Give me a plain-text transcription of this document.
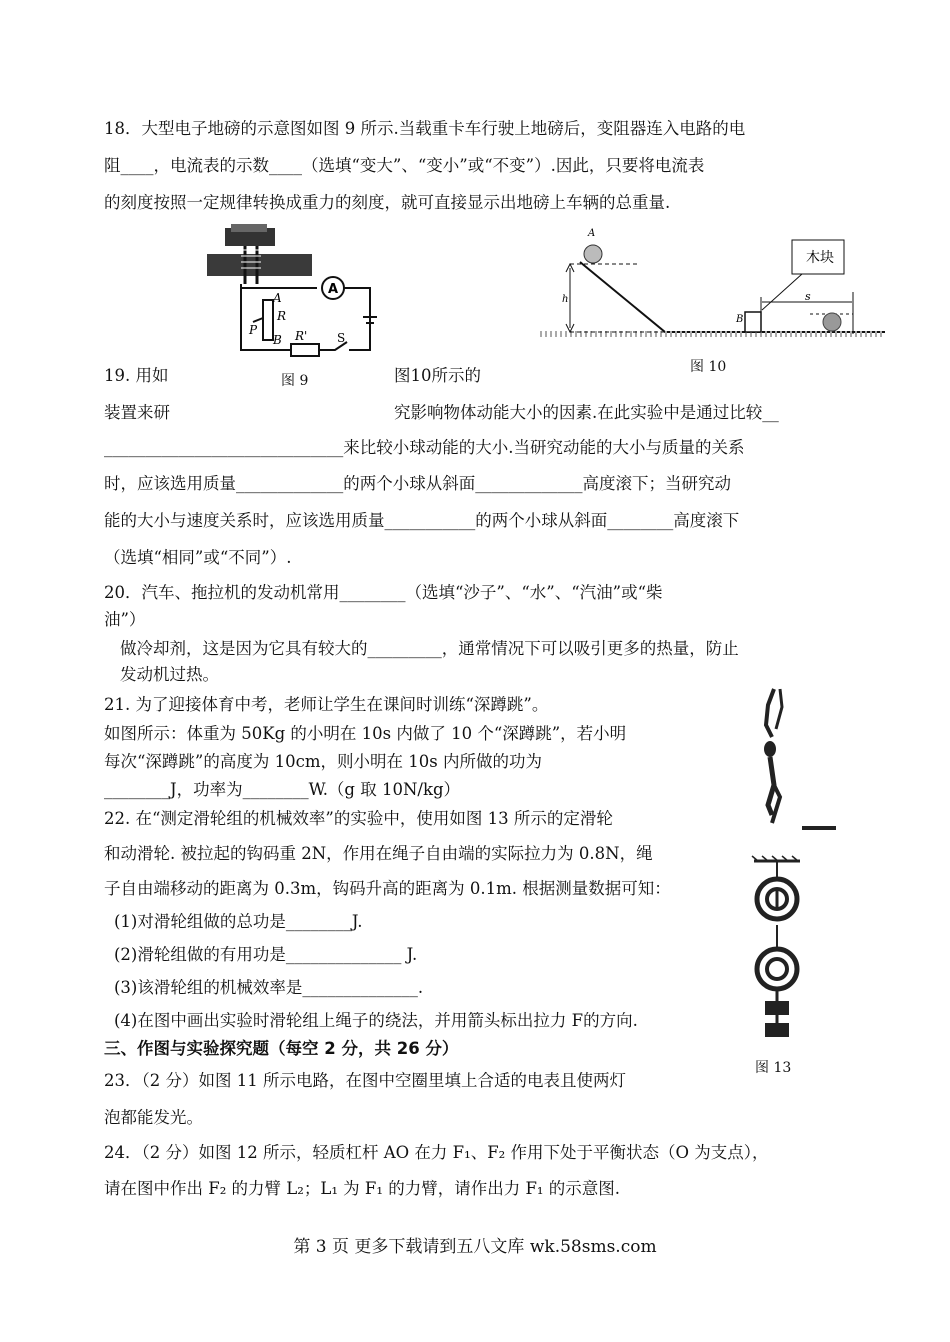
18．大型电子地磅的示意图如图 9 所示.当载重卡车行驶上地磅后，变阻器连入电路的电
阻____，电流表的示数____（选填“变大”、“变小”或“不变”）.因此，只要将电流表
的刻度按照一定规律转换成重力的刻度，就可直接显示出地磅上车辆的总重量.
A
A
R
P
B R' S
A
h
B
s
木块
图 9
图 10
19. 用如	图10所示的
装置来研	究影响物体动能大小的因素.在此实验中是通过比较__
_____________________________来比较小球动能的大小.当研究动能的大小与质量的关系
时，应该选用质量_____________的两个小球从斜面_____________高度滚下；当研究动
能的大小与速度关系时，应该选用质量___________的两个小球从斜面________高度滚下
（选填“相同”或“不同”）.
20．汽车、拖拉机的发动机常用________（选填“沙子”、“水”、“汽油”或“柴
油”）
做冷却剂，这是因为它具有较大的_________，通常情况下可以吸引更多的热量，防止
发动机过热。
21. 为了迎接体育中考，老师让学生在课间时训练“深蹲跳”。
如图所示：体重为 50Kg 的小明在 10s 内做了 10 个“深蹲跳”，若小明
每次“深蹲跳”的高度为 10cm，则小明在 10s 内所做的功为
________J，功率为________W.（g 取 10N/kg）
22. 在“测定滑轮组的机械效率”的实验中，使用如图 13 所示的定滑轮
和动滑轮. 被拉起的钩码重 2N，作用在绳子自由端的实际拉力为 0.8N，绳
子自由端移动的距离为 0.3m，钩码升高的距离为 0.1m. 根据测量数据可知：
(1)对滑轮组做的总功是________J.
(2)滑轮组做的有用功是______________ J.
(3)该滑轮组的机械效率是______________.
(4)在图中画出实验时滑轮组上绳子的绕法，并用箭头标出拉力 F的方向.
图 13
三、作图与实验探究题（每空 2 分，共 26 分）
23．（2 分）如图 11 所示电路，在图中空圈里填上合适的电表且使两灯
泡都能发光。
24．（2 分）如图 12 所示，轻质杠杆 AO 在力 F₁、F₂ 作用下处于平衡状态（O 为支点），
请在图中作出 F₂ 的力臂 L₂；L₁ 为 F₁ 的力臂，请作出力 F₁ 的示意图.
第 3 页 更多下载请到五八文库 wk.58sms.com
